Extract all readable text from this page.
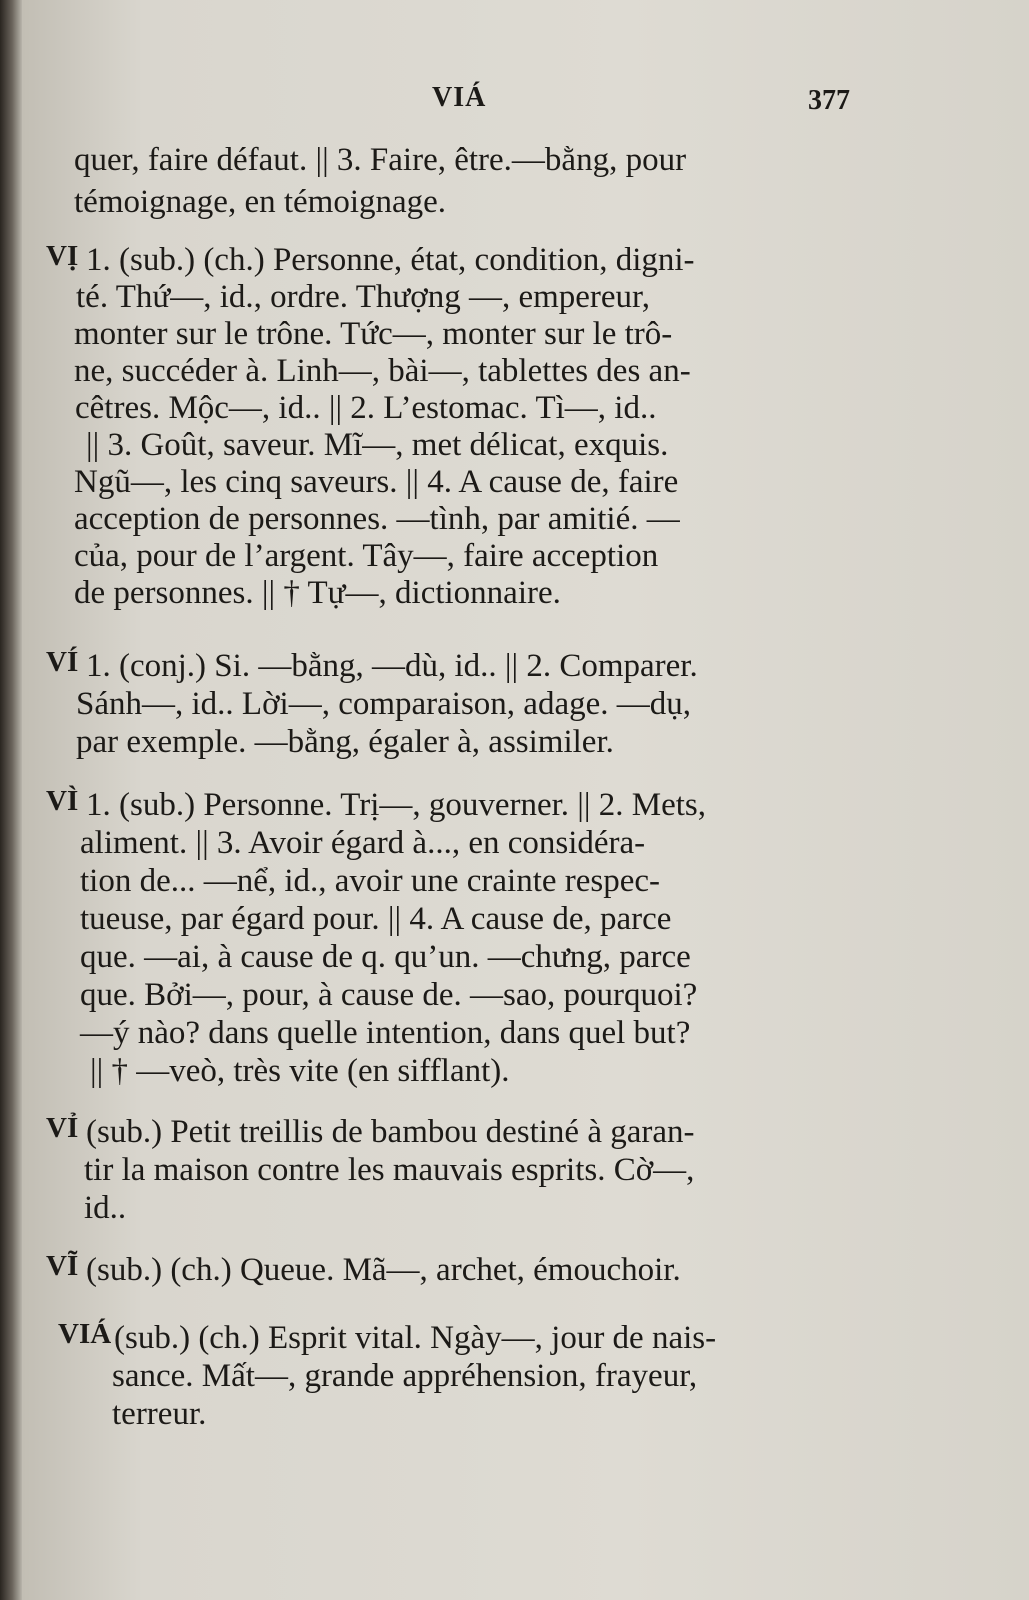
VIÁ	377
quer, faire défaut. || 3. Faire, être.—bằng, pour
témoignage, en témoignage.
VỊ 1. (sub.) (ch.) Personne, état, condition, digni-
té. Thứ—, id., ordre. Thượng —, empereur,
monter sur le trône. Tức—, monter sur le trô-
ne, succéder à. Linh—, bài—, tablettes des an-
cêtres. Mộc—, id.. || 2. L’estomac. Tì—, id..
|| 3. Goût, saveur. Mĩ—, met délicat, exquis.
Ngũ—, les cinq saveurs. || 4. A cause de, faire
acception de personnes. —tình, par amitié. —
của, pour de l’argent. Tây—, faire acception
de personnes. || † Tự—, dictionnaire.
VÍ 1. (conj.) Si. —bằng, —dù, id.. || 2. Comparer.
Sánh—, id.. Lời—, comparaison, adage. —dụ,
par exemple. —bằng, égaler à, assimiler.
VÌ 1. (sub.) Personne. Trị—, gouverner. || 2. Mets,
aliment. || 3. Avoir égard à..., en considéra-
tion de... —nể, id., avoir une crainte respec-
tueuse, par égard pour. || 4. A cause de, parce
que. —ai, à cause de q. qu’un. —chưng, parce
que. Bởi—, pour, à cause de. —sao, pourquoi?
—ý nào? dans quelle intention, dans quel but?
|| † —veò, très vite (en sifflant).
VỈ (sub.) Petit treillis de bambou destiné à garan-
tir la maison contre les mauvais esprits. Cờ—,
id..
VĨ (sub.) (ch.) Queue. Mã—, archet, émouchoir.
VIÁ (sub.) (ch.) Esprit vital. Ngày—, jour de nais-
sance. Mất—, grande appréhension, frayeur,
terreur.
